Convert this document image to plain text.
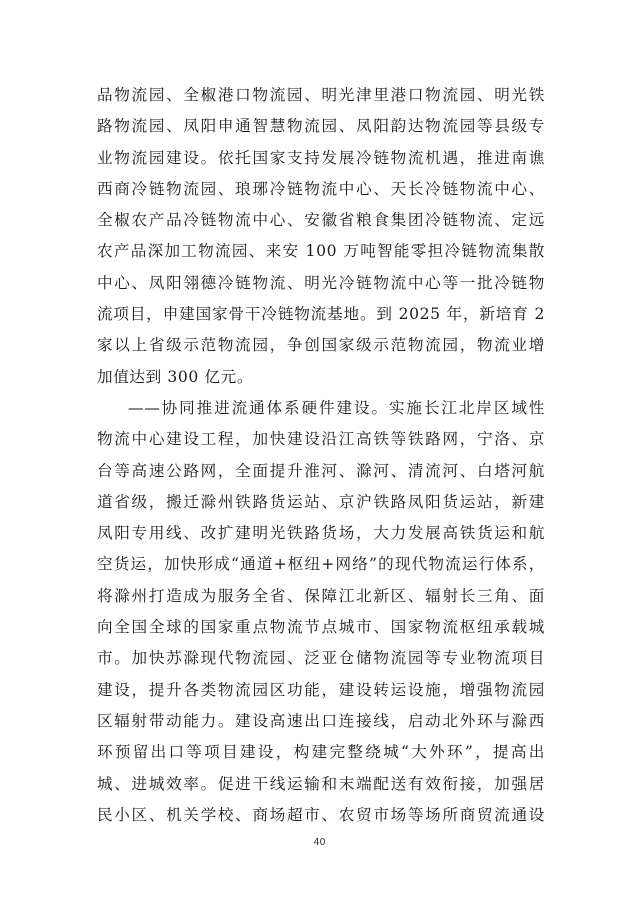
品物流园、全椒港口物流园、明光津里港口物流园、明光铁
路物流园、凤阳申通智慧物流园、凤阳韵达物流园等县级专
业物流园建设。依托国家支持发展冷链物流机遇，推进南谯
西商冷链物流园、琅琊冷链物流中心、天长冷链物流中心、
全椒农产品冷链物流中心、安徽省粮食集团冷链物流、定远
农产品深加工物流园、来安 100 万吨智能零担冷链物流集散
中心、凤阳翎德冷链物流、明光冷链物流中心等一批冷链物
流项目，申建国家骨干冷链物流基地。到 2025 年，新培育 2
家以上省级示范物流园，争创国家级示范物流园，物流业增
加值达到 300 亿元。
——协同推进流通体系硬件建设。实施长江北岸区域性
物流中心建设工程，加快建设沿江高铁等铁路网，宁洛、京
台等高速公路网，全面提升淮河、滁河、清流河、白塔河航
道省级，搬迁滁州铁路货运站、京沪铁路凤阳货运站，新建
凤阳专用线、改扩建明光铁路货场，大力发展高铁货运和航
空货运，加快形成“通道+枢纽+网络”的现代物流运行体系，
将滁州打造成为服务全省、保障江北新区、辐射长三角、面
向全国全球的国家重点物流节点城市、国家物流枢纽承载城
市。加快苏滁现代物流园、泛亚仓储物流园等专业物流项目
建设，提升各类物流园区功能，建设转运设施，增强物流园
区辐射带动能力。建设高速出口连接线，启动北外环与滁西
环预留出口等项目建设，构建完整绕城“大外环”，提高出
城、进城效率。促进干线运输和末端配送有效衔接，加强居
民小区、机关学校、商场超市、农贸市场等场所商贸流通设
40
